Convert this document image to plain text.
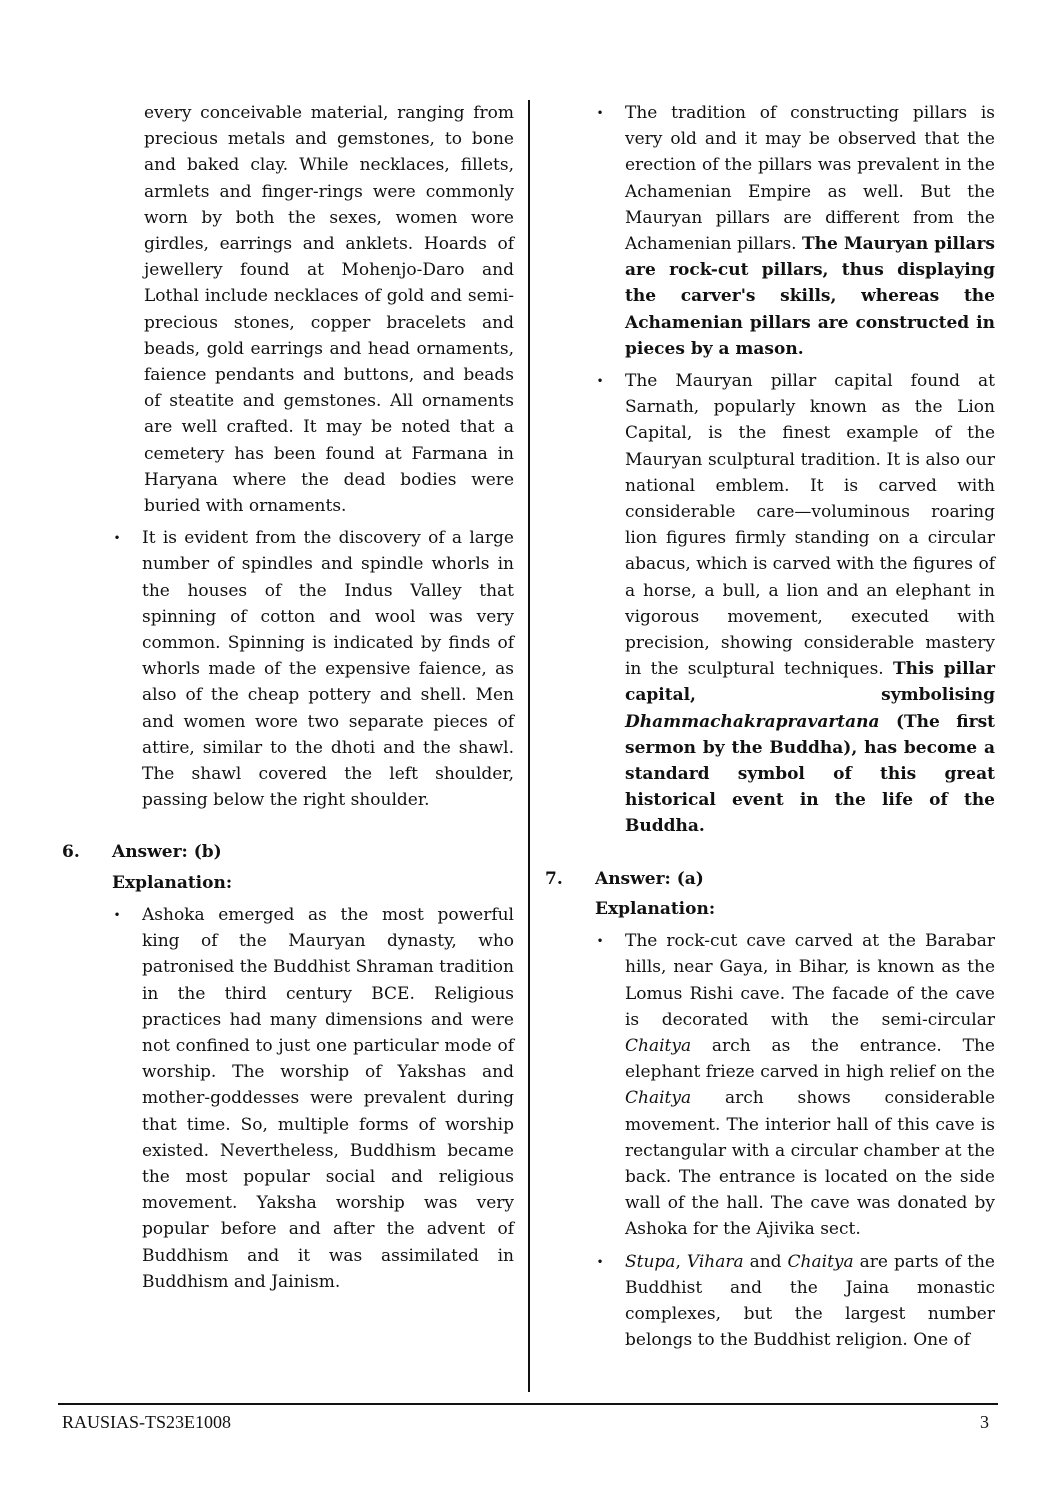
every conceivable material, ranging from precious metals and gemstones, to bone and baked clay. While necklaces, fillets, armlets and finger-rings were commonly worn by both the sexes, women wore girdles, earrings and anklets. Hoards of jewellery found at Mohenjo-Daro and Lothal include necklaces of gold and semi-precious stones, copper bracelets and beads, gold earrings and head ornaments, faience pendants and buttons, and beads of steatite and gemstones. All ornaments are well crafted. It may be noted that a cemetery has been found at Farmana in Haryana where the dead bodies were buried with ornaments.

•	It is evident from the discovery of a large number of spindles and spindle whorls in the houses of the Indus Valley that spinning of cotton and wool was very common. Spinning is indicated by finds of whorls made of the expensive faience, as also of the cheap pottery and shell. Men and women wore two separate pieces of attire, similar to the dhoti and the shawl. The shawl covered the left shoulder, passing below the right shoulder.

6.	Answer: (b)
Explanation:
•	Ashoka emerged as the most powerful king of the Mauryan dynasty, who patronised the Buddhist Shraman tradition in the third century BCE. Religious practices had many dimensions and were not confined to just one particular mode of worship. The worship of Yakshas and mother-goddesses were prevalent during that time. So, multiple forms of worship existed. Nevertheless, Buddhism became the most popular social and religious movement. Yaksha worship was very popular before and after the advent of Buddhism and it was assimilated in Buddhism and Jainism.

•	The tradition of constructing pillars is very old and it may be observed that the erection of the pillars was prevalent in the Achamenian Empire as well. But the Mauryan pillars are different from the Achamenian pillars. The Mauryan pillars are rock-cut pillars, thus displaying the carver's skills, whereas the Achamenian pillars are constructed in pieces by a mason.

•	The Mauryan pillar capital found at Sarnath, popularly known as the Lion Capital, is the finest example of the Mauryan sculptural tradition. It is also our national emblem. It is carved with considerable care—voluminous roaring lion figures firmly standing on a circular abacus, which is carved with the figures of a horse, a bull, a lion and an elephant in vigorous movement, executed with precision, showing considerable mastery in the sculptural techniques. This pillar capital, symbolising Dhammachakrapravartana (The first sermon by the Buddha), has become a standard symbol of this great historical event in the life of the Buddha.

7.	Answer: (a)
Explanation:
•	The rock-cut cave carved at the Barabar hills, near Gaya, in Bihar, is known as the Lomus Rishi cave. The facade of the cave is decorated with the semi-circular Chaitya arch as the entrance. The elephant frieze carved in high relief on the Chaitya arch shows considerable movement. The interior hall of this cave is rectangular with a circular chamber at the back. The entrance is located on the side wall of the hall. The cave was donated by Ashoka for the Ajivika sect.

•	Stupa, Vihara and Chaitya are parts of the Buddhist and the Jaina monastic complexes, but the largest number belongs to the Buddhist religion. One of

RAUSIAS-TS23E1008	3
